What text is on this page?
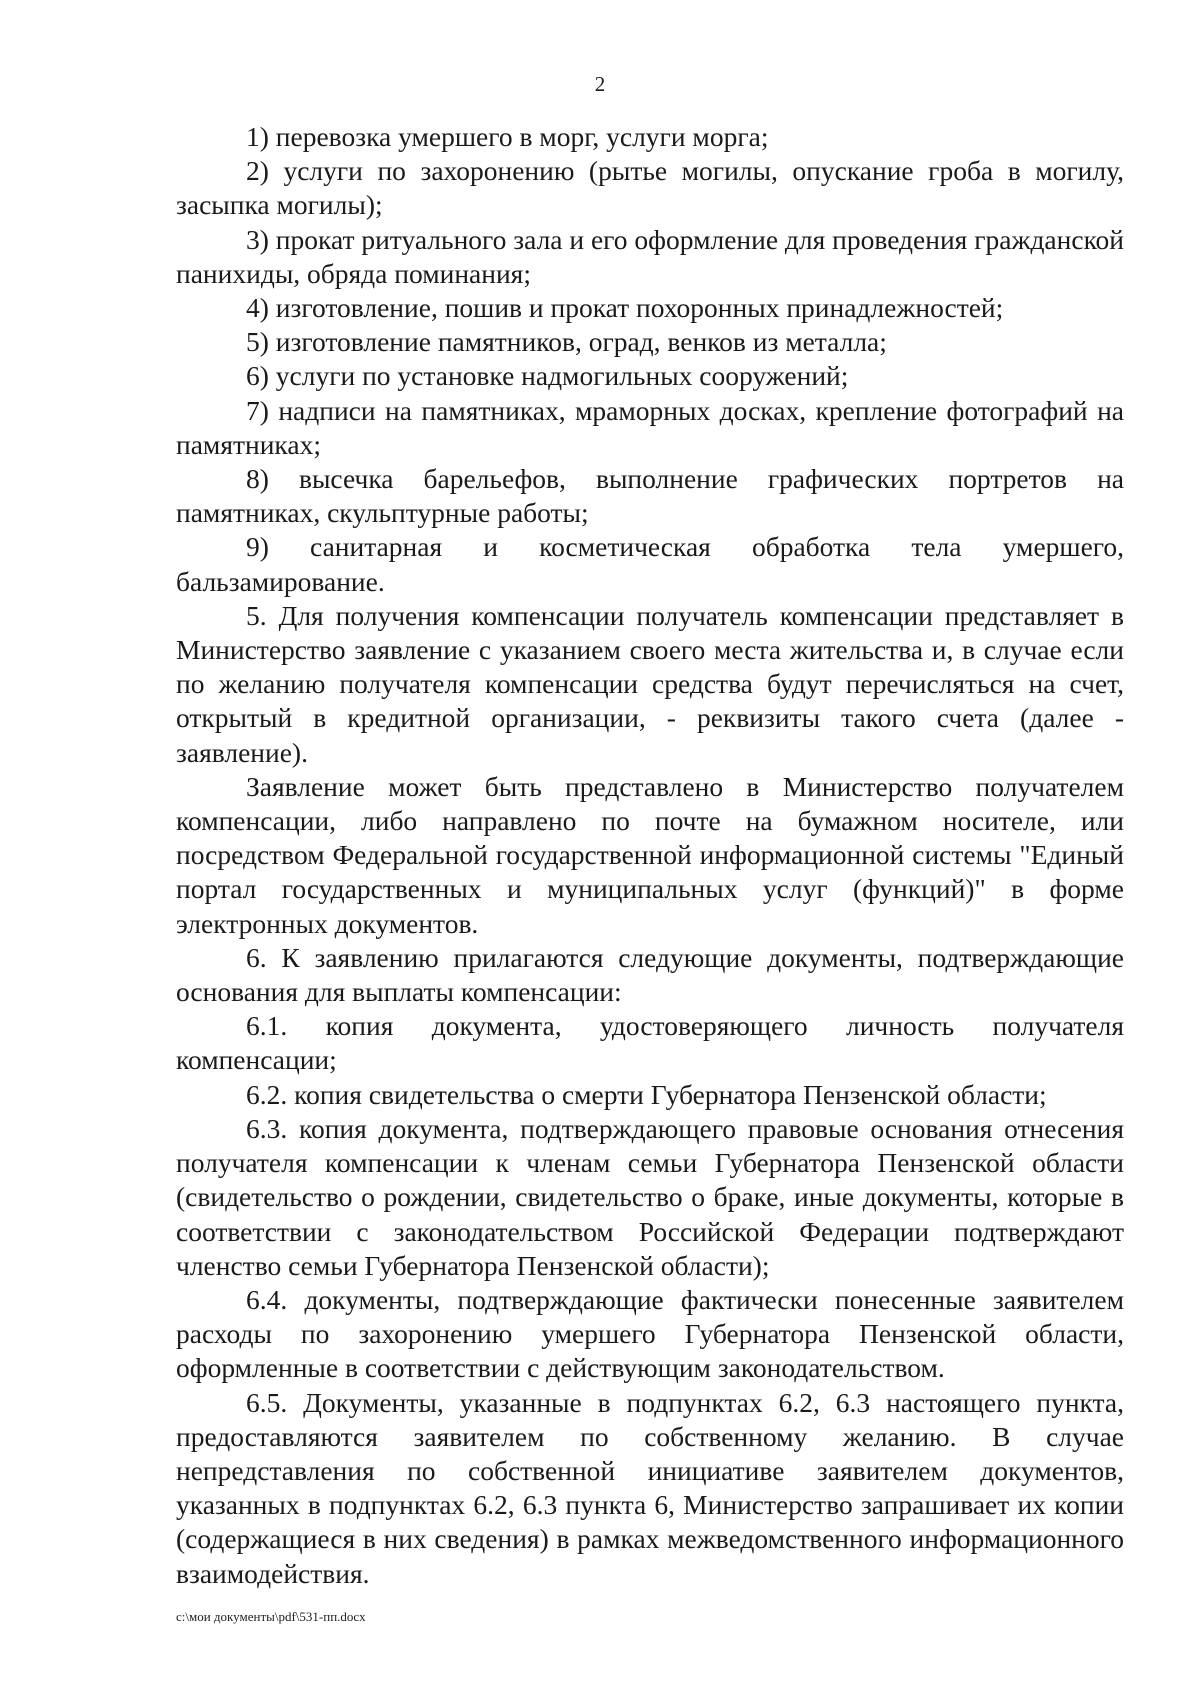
2

1) перевозка умершего в морг, услуги морга;

2) услуги по захоронению (рытье могилы, опускание гроба в могилу, засыпка могилы);

3) прокат ритуального зала и его оформление для проведения гражданской панихиды, обряда поминания;

4) изготовление, пошив и прокат похоронных принадлежностей;

5) изготовление памятников, оград, венков из металла;

6) услуги по установке надмогильных сооружений;

7) надписи на памятниках, мраморных досках, крепление фотографий на памятниках;

8) высечка барельефов, выполнение графических портретов на памятниках, скульптурные работы;

9) санитарная и косметическая обработка тела умершего, бальзамирование.

5. Для получения компенсации получатель компенсации представляет в Министерство заявление с указанием своего места жительства и, в случае если по желанию получателя компенсации средства будут перечисляться на счет, открытый в кредитной организации, - реквизиты такого счета (далее - заявление).

Заявление может быть представлено в Министерство получателем компенсации, либо направлено по почте на бумажном носителе, или посредством Федеральной государственной информационной системы "Единый портал государственных и муниципальных услуг (функций)" в форме электронных документов.

6. К заявлению прилагаются следующие документы, подтверждающие основания для выплаты компенсации:

6.1. копия документа, удостоверяющего личность получателя компенсации;

6.2. копия свидетельства о смерти Губернатора Пензенской области;

6.3. копия документа, подтверждающего правовые основания отнесения получателя компенсации к членам семьи Губернатора Пензенской области (свидетельство о рождении, свидетельство о браке, иные документы, которые в соответствии с законодательством Российской Федерации подтверждают членство семьи Губернатора Пензенской области);

6.4. документы, подтверждающие фактически понесенные заявителем расходы по захоронению умершего Губернатора Пензенской области, оформленные в соответствии с действующим законодательством.

6.5. Документы, указанные в подпунктах 6.2, 6.3 настоящего пункта, предоставляются заявителем по собственному желанию. В случае непредставления по собственной инициативе заявителем документов, указанных в подпунктах 6.2, 6.3 пункта 6, Министерство запрашивает их копии (содержащиеся в них сведения) в рамках межведомственного информационного взаимодействия.

c:\мои документы\pdf\531-пп.docx
